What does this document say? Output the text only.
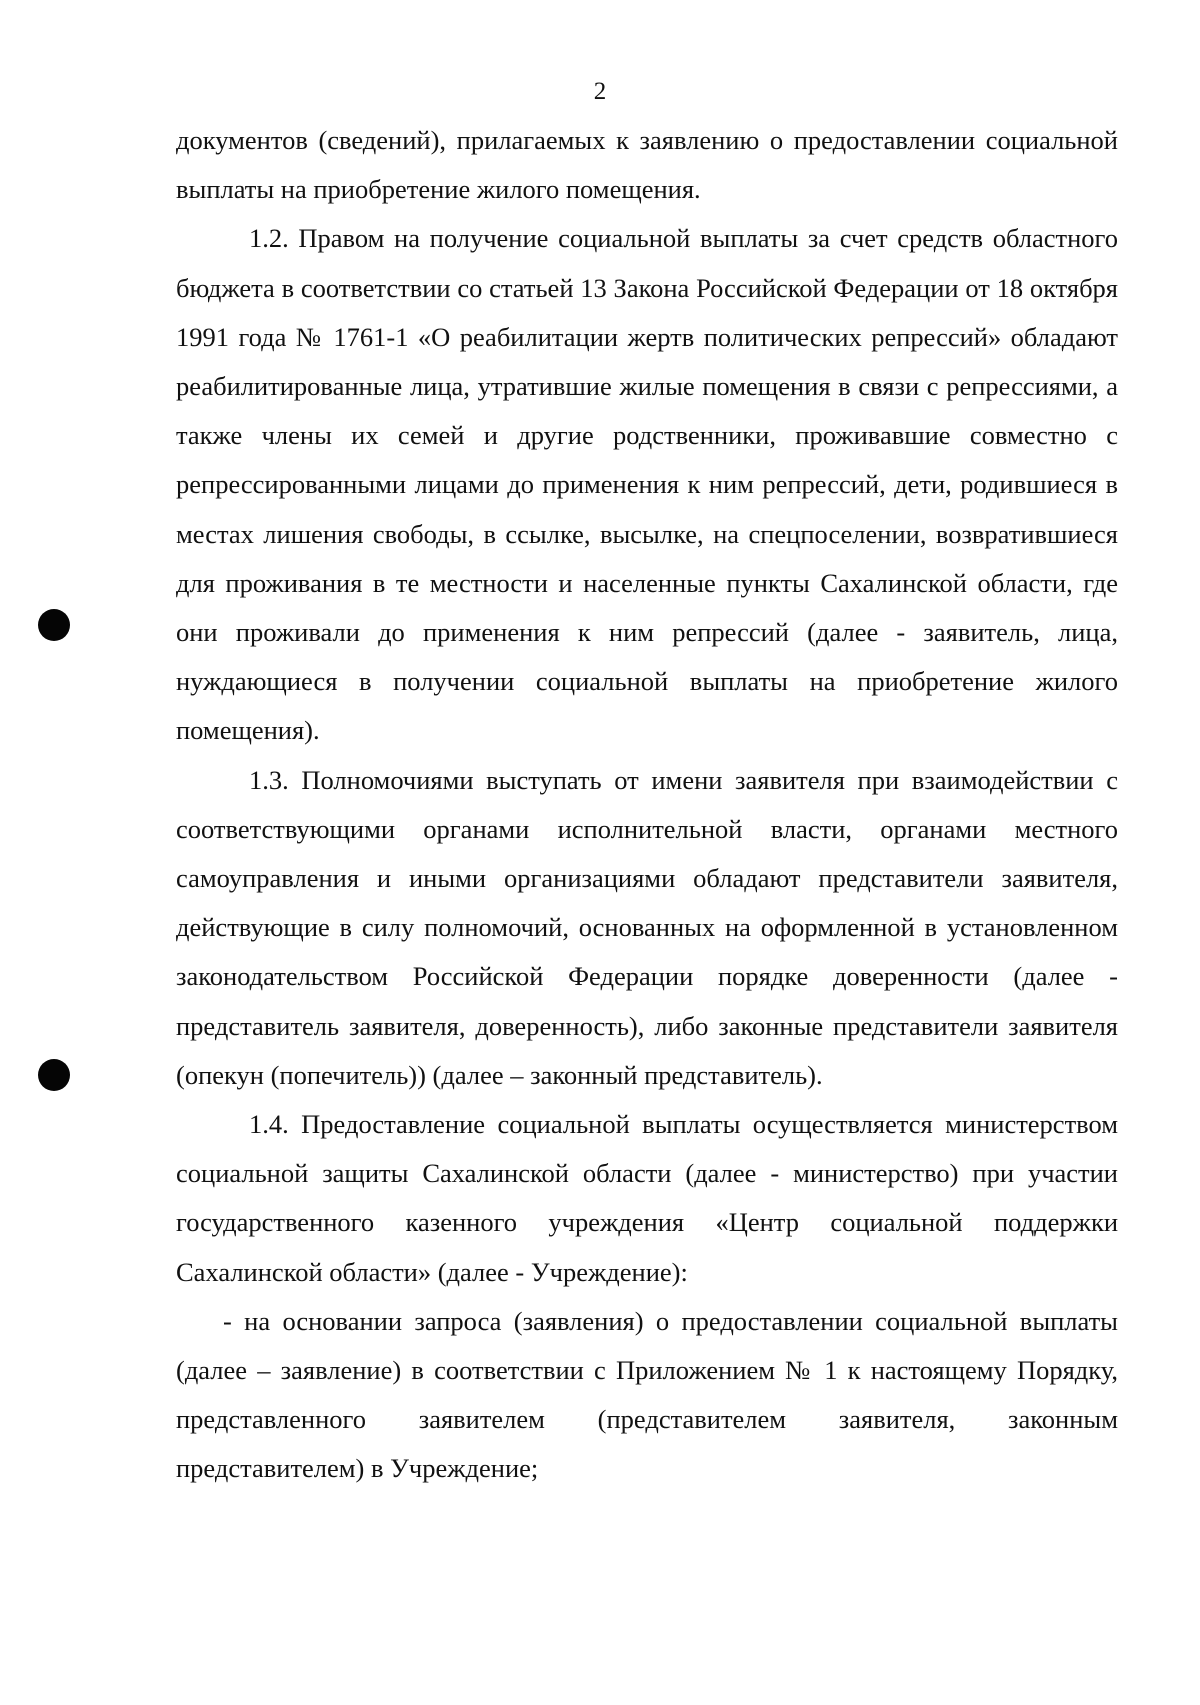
2

документов (сведений), прилагаемых к заявлению о предоставлении социальной выплаты на приобретение жилого помещения.

1.2. Правом на получение социальной выплаты за счет средств областного бюджета в соответствии со статьей 13 Закона Российской Федерации от 18 октября 1991 года № 1761-1 «О реабилитации жертв политических репрессий» обладают реабилитированные лица, утратившие жилые помещения в связи с репрессиями, а также члены их семей и другие родственники, проживавшие совместно с репрессированными лицами до применения к ним репрессий, дети, родившиеся в местах лишения свободы, в ссылке, высылке, на спецпоселении, возвратившиеся для проживания в те местности и населенные пункты Сахалинской области, где они проживали до применения к ним репрессий (далее - заявитель, лица, нуждающиеся в получении социальной выплаты на приобретение жилого помещения).

1.3. Полномочиями выступать от имени заявителя при взаимодействии с соответствующими органами исполнительной власти, органами местного самоуправления и иными организациями обладают представители заявителя, действующие в силу полномочий, основанных на оформленной в установленном законодательством Российской Федерации порядке доверенности (далее - представитель заявителя, доверенность), либо законные представители заявителя (опекун (попечитель)) (далее – законный представитель).

1.4. Предоставление социальной выплаты осуществляется министерством социальной защиты Сахалинской области (далее - министерство) при участии государственного казенного учреждения «Центр социальной поддержки Сахалинской области» (далее - Учреждение):

- на основании запроса (заявления) о предоставлении социальной выплаты (далее – заявление) в соответствии с Приложением № 1 к настоящему Порядку, представленного заявителем (представителем заявителя, законным представителем) в Учреждение;
